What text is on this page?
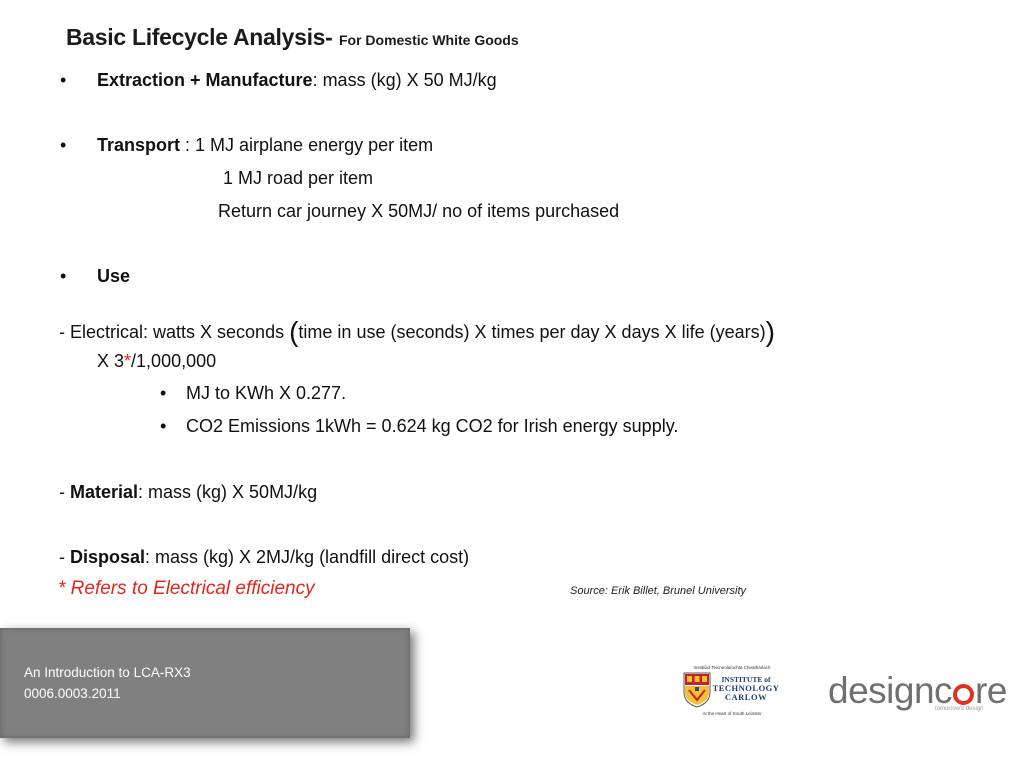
Basic Lifecycle Analysis- For Domestic White Goods
• Extraction + Manufacture: mass (kg) X 50 MJ/kg
• Transport : 1 MJ airplane energy per item
1 MJ road per item
Return car journey X 50MJ/ no of items purchased
• Use
- Electrical: watts X seconds (time in use (seconds) X times per day X days X life (years))
X 3*/1,000,000
• MJ to KWh X 0.277.
• CO2 Emissions 1kWh = 0.624 kg CO2 for Irish energy supply.
- Material: mass (kg) X 50MJ/kg
- Disposal: mass (kg) X 2MJ/kg (landfill direct cost)
* Refers to Electrical efficiency	Source: Erik Billet, Brunel University
An Introduction to LCA-RX3
0006.0003.2011
Institiúid Teicneolaíochta Cheatharlach
INSTITUTE of
TECHNOLOGY
CARLOW
At the Heart of South Leinster
designc re
tomorrow's design
